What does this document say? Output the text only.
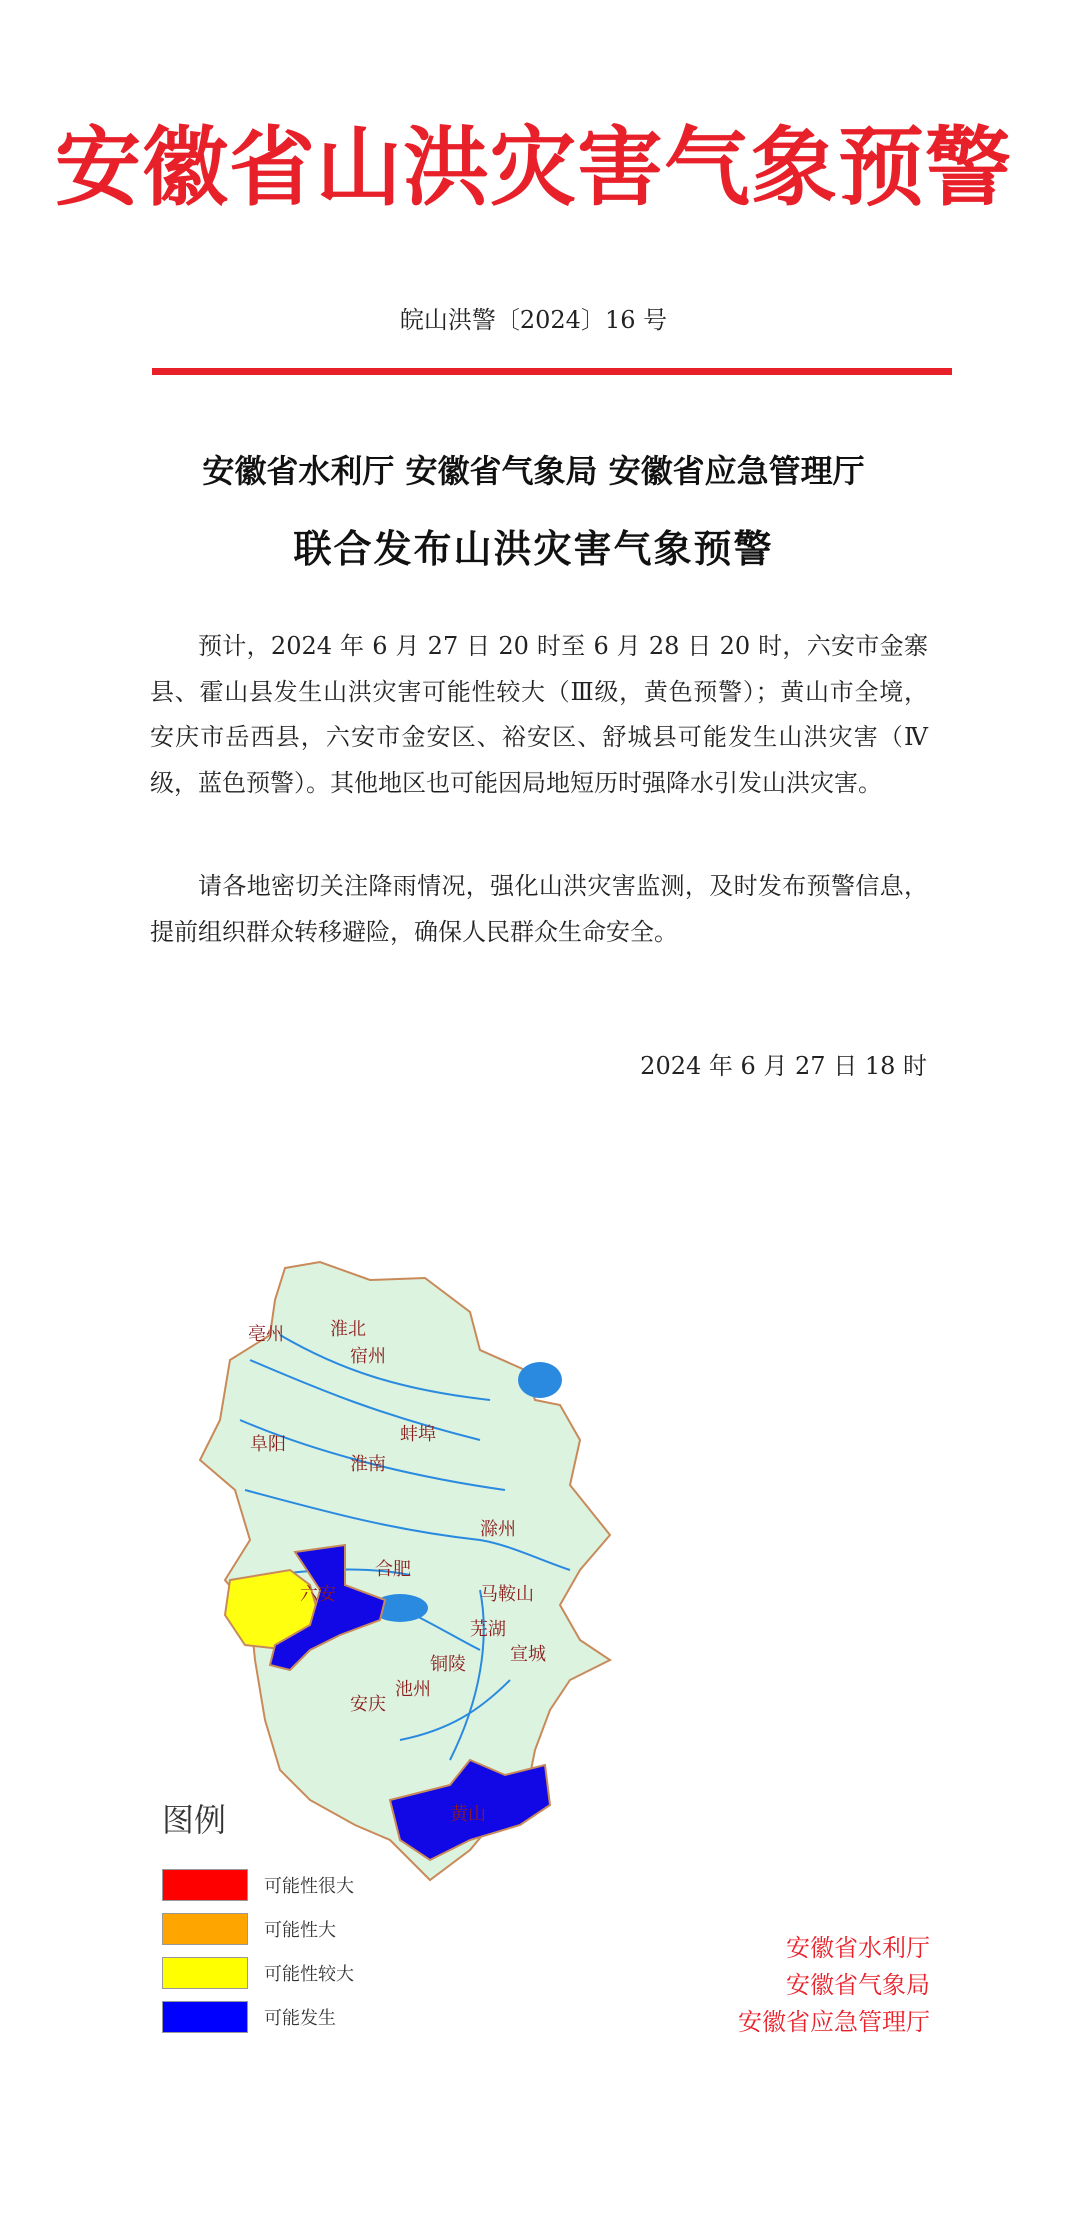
安徽省山洪灾害气象预警
皖山洪警〔2024〕16 号
安徽省水利厅 安徽省气象局 安徽省应急管理厅
联合发布山洪灾害气象预警
预计，2024 年 6 月 27 日 20 时至 6 月 28 日 20 时，六安市金寨县、霍山县发生山洪灾害可能性较大（Ⅲ级，黄色预警）；黄山市全境，安庆市岳西县，六安市金安区、裕安区、舒城县可能发生山洪灾害（Ⅳ级，蓝色预警）。其他地区也可能因局地短历时强降水引发山洪灾害。
请各地密切关注降雨情况，强化山洪灾害监测，及时发布预警信息，提前组织群众转移避险，确保人民群众生命安全。
2024 年 6 月 27 日 18 时
亳州	淮北
宿州
阜阳	蚌埠
淮南
滁州
合肥
马鞍山
芜湖
铜陵 宣城
池州
安庆
黄山
六安
图例
可能性很大
可能性大
可能性较大
可能发生
安徽省水利厅
安徽省气象局
安徽省应急管理厅
